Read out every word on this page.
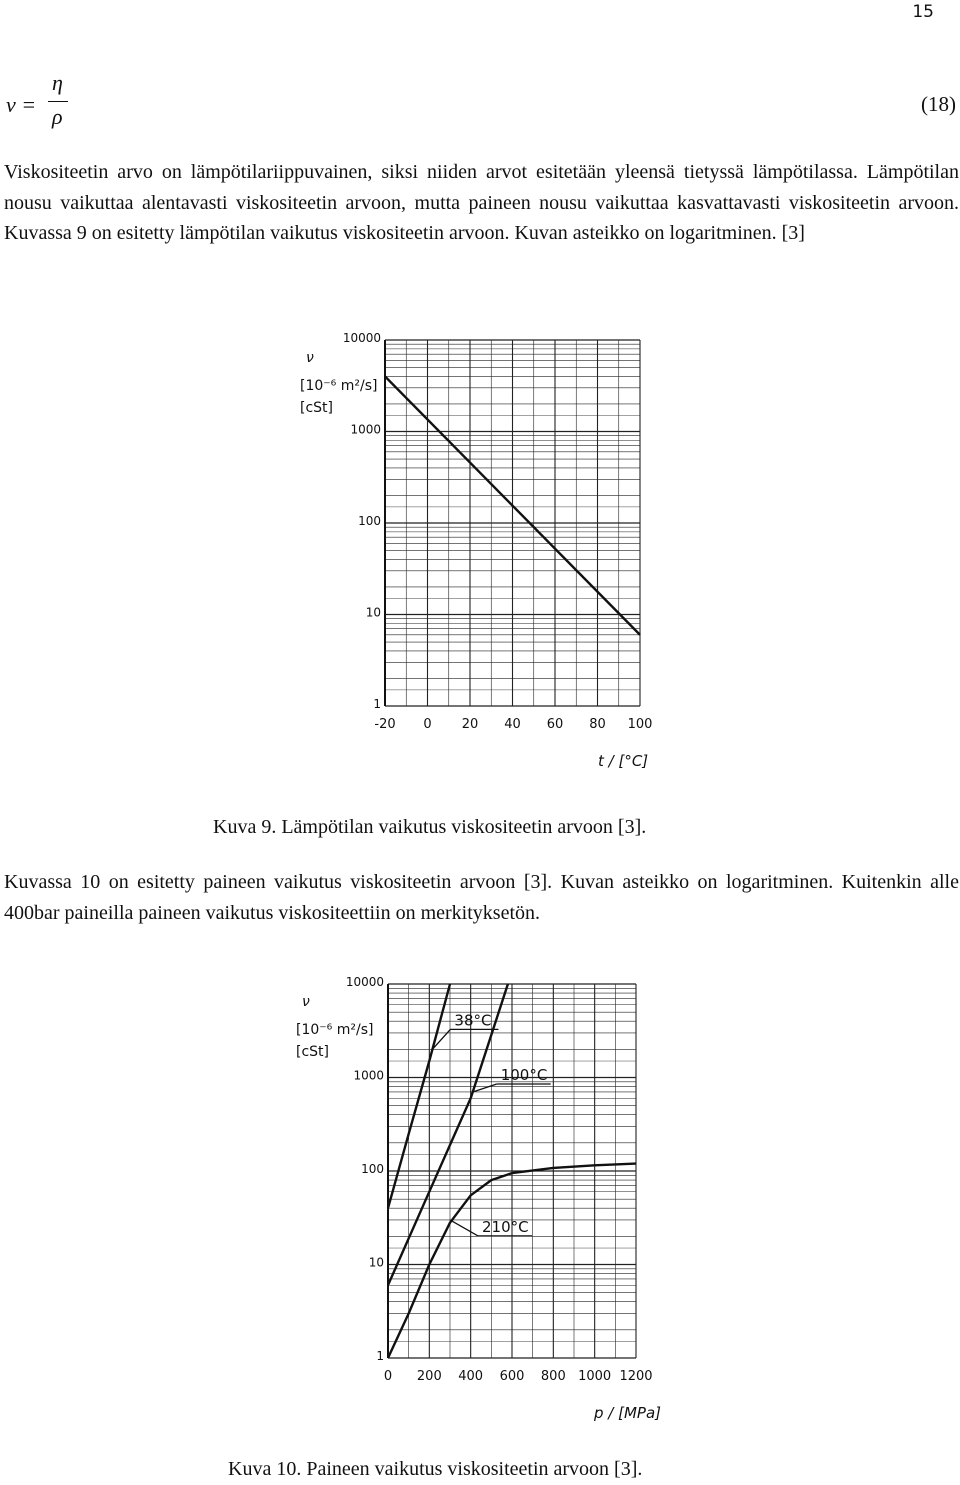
15
ν =
η
ρ	(18)

Viskositeetin arvo on lämpötilariippuvainen, siksi niiden arvot esitetään yleensä tietyssä lämpötilassa. Lämpötilan nousu vaikuttaa alentavasti viskositeetin arvoon, mutta paineen nousu vaikuttaa kasvattavasti viskositeetin arvoon. Kuvassa 9 on esitetty lämpötilan vaikutus viskositeetin arvoon. Kuvan asteikko on logaritminen. [3]

10000
1000
100
10
1
-20 0 20 40 60 80 100
ν
[10⁻⁶ m²/s]
[cSt]
t / [°C]

Kuva 9. Lämpötilan vaikutus viskositeetin arvoon [3].

Kuvassa 10 on esitetty paineen vaikutus viskositeetin arvoon [3]. Kuvan asteikko on logaritminen. Kuitenkin alle 400bar paineilla paineen vaikutus viskositeettiin on merkityksetön.

10000
1000
100
10
1
0 200 400 600 800 1000 1200
ν
[10⁻⁶ m²/s]
[cSt]
p / [MPa]
38°C
100°C
210°C

Kuva 10. Paineen vaikutus viskositeetin arvoon [3].
